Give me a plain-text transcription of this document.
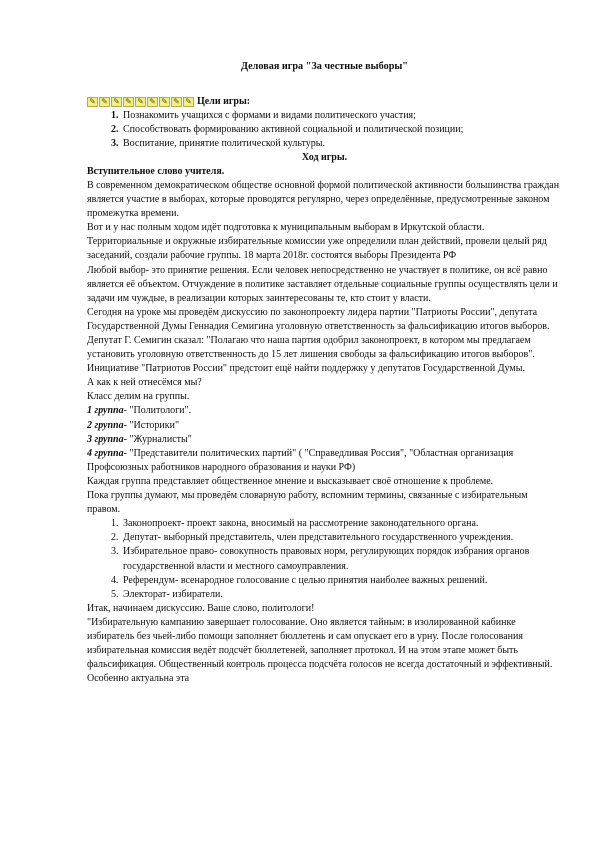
Деловая игра "За честные выборы"
✎ ✎ ✎ ✎ ✎ ✎ ✎ ✎ ✎ Цели игры:
1. Познакомить учащихся с формами и видами политического участия;
2. Способствовать формированию активной социальной и политической позиции;
3. Воспитание, принятие политической культуры.
Ход игры.

Вступительное слово учителя.

В современном демократическом обществе основной формой политической активности большинства граждан является участие в выборах, которые проводятся регулярно, через определённые, предусмотренные законом промежутка времени.

Вот и у нас полным ходом идёт подготовка к муниципальным выборам в Иркутской области. Территориальные и окружные избирательные комиссии уже определили план действий, провели целый ряд заседаний, создали рабочие группы. 18 марта 2018г. состоятся выборы Президента РФ

Любой выбор- это принятие решения. Если человек непосредственно не участвует в политике, он всё равно является её объектом. Отчуждение в политике заставляет отдельные социальные группы осуществлять цели и задачи им чуждые, в реализации которых заинтересованы те, кто стоит у власти.

Сегодня на уроке мы проведём дискуссию по законопроекту лидера партии "Патриоты России", депутата Государственной Думы Геннадия Семигина уголовную ответственность за фальсификацию итогов выборов. Депутат Г. Семигин сказал: "Полагаю что наша партия одобрил законопроект, в котором мы предлагаем установить уголовную ответственность до 15 лет лишения свободы за фальсификацию итогов выборов".

Инициативе "Патриотов России" предстоит ещё найти поддержку у депутатов Государственной Думы.

А как к ней отнесёмся мы?

Класс делим на группы.

1 группа- "Политологи".

2 группа- "Историки"

3 группа- "Журналисты"

4 группа- "Представители политических партий" ( "Справедливая Россия", "Областная организация Профсоюзных работников народного образования и науки РФ)

Каждая группа представляет общественное мнение и высказывает своё отношение к проблеме.

Пока группы думают, мы проведём словарную работу, вспомним термины, связанные с избирательным правом.

1. Законопроект- проект закона, вносимый на рассмотрение законодательного органа.
2. Депутат- выборный представитель, член представительного государственного учреждения.
3. Избирательное право- совокупность правовых норм, регулирующих порядок избрания органов государственной власти и местного самоуправления.
4. Референдум- всенародное голосование с целью принятия наиболее важных решений.
5. Электорат- избиратели.

Итак, начинаем дискуссию. Ваше слово, политологи!

"Избирательную кампанию завершает голосование. Оно является тайным: в изолированной кабинке избиратель без чьей-либо помощи заполняет бюллетень и сам опускает его в урну. После голосования избирательная комиссия ведёт подсчёт бюллетеней, заполняет протокол. И на этом этапе может быть фальсификация. Общественный контроль процесса подсчёта голосов не всегда достаточный и эффективный. Особенно актуальна эта
